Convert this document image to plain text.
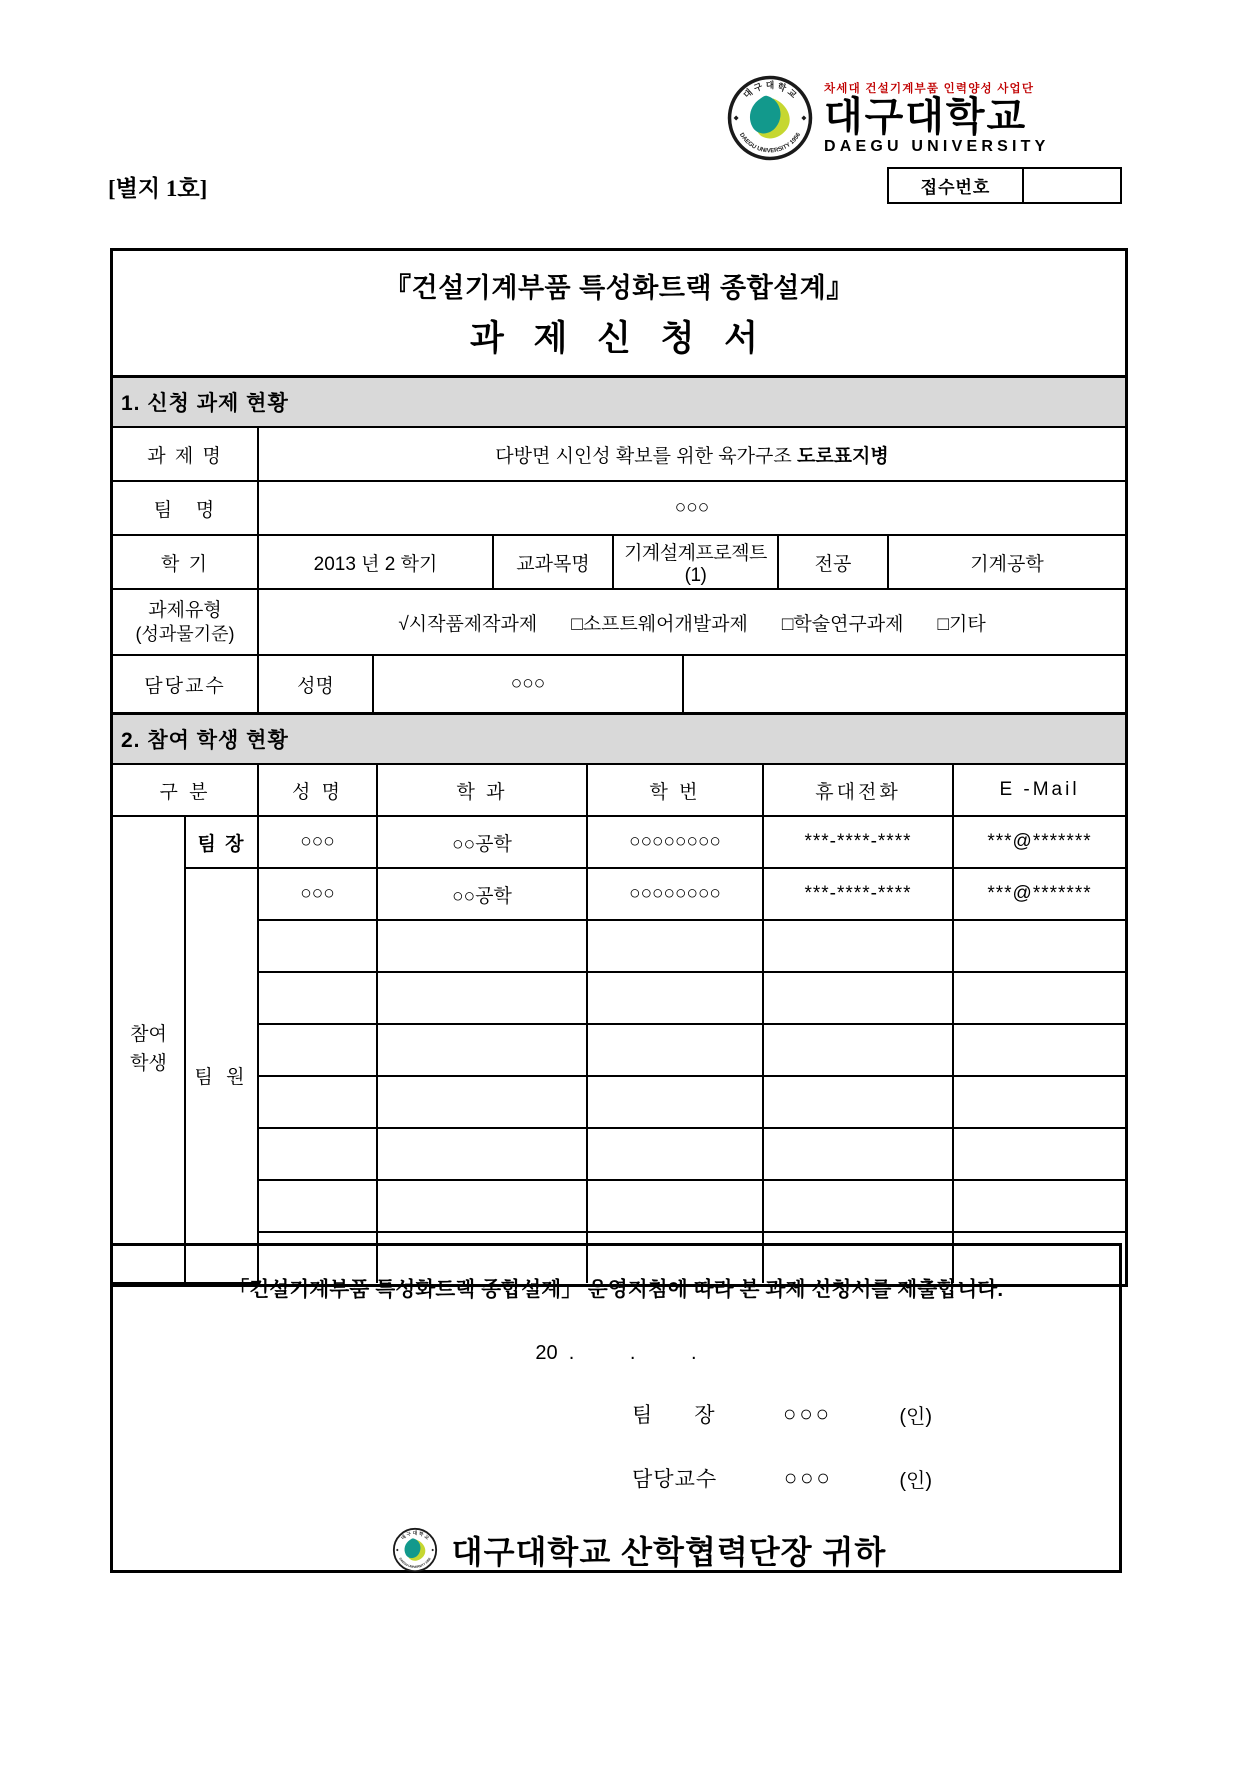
차세대 건설기계부품 인력양성 사업단
대구대학교
DAEGU UNIVERSITY
[별지 1호]	접수번호
『건설기계부품 특성화트랙 종합설계』
과 제 신 청 서
1. 신청 과제 현황
과 제 명	다방면 시인성 확보를 위한 육가구조 도로표지병						
팀   명	○○○						
학 기	2013 년 2 학기		교과목명	기계설계프로젝트(1)		전공	기계공학

과제유형
(성과물기준)	√시작품제작과제 □소프트웨어개발과제 □학술연구과제 □기타

담당교수	성명	○○○					
2. 참여 학생 현황
구 분		성 명	학 과	학 번	휴대전화	E -Mail

참여
학생	팀 장	○○○	○○공학	○○○○○○○○	***-****-****	***@*******
	팀 원	○○○	○○공학	○○○○○○○○	***-****-****	***@*******

「건설기계부품 특성화트랙 종합설계」 운영지침에 따라 본 과제 신청서를 제출합니다.
20  .          .          .
팀      장	○○○	(인)
담당교수	○○○	(인)
대구대학교 산학협력단장 귀하
